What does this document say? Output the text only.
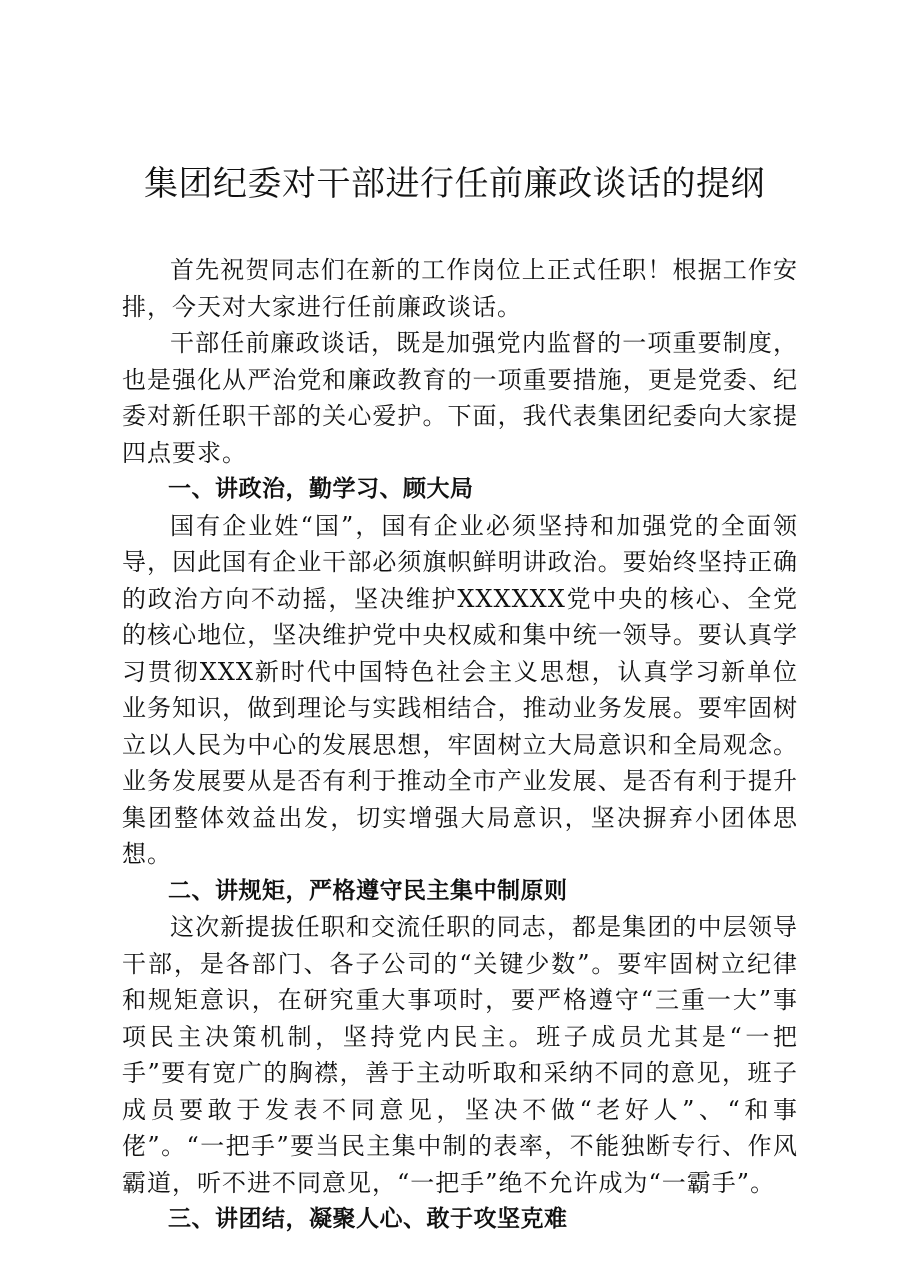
集团纪委对干部进行任前廉政谈话的提纲

首先祝贺同志们在新的工作岗位上正式任职！根据工作安排，今天对大家进行任前廉政谈话。

干部任前廉政谈话，既是加强党内监督的一项重要制度，也是强化从严治党和廉政教育的一项重要措施，更是党委、纪委对新任职干部的关心爱护。下面，我代表集团纪委向大家提四点要求。

一、讲政治，勤学习、顾大局

国有企业姓“国”，国有企业必须坚持和加强党的全面领导，因此国有企业干部必须旗帜鲜明讲政治。要始终坚持正确的政治方向不动摇，坚决维护XXXXXX党中央的核心、全党的核心地位，坚决维护党中央权威和集中统一领导。要认真学习贯彻XXX新时代中国特色社会主义思想，认真学习新单位业务知识，做到理论与实践相结合，推动业务发展。要牢固树立以人民为中心的发展思想，牢固树立大局意识和全局观念。业务发展要从是否有利于推动全市产业发展、是否有利于提升集团整体效益出发，切实增强大局意识，坚决摒弃小团体思想。

二、讲规矩，严格遵守民主集中制原则

这次新提拔任职和交流任职的同志，都是集团的中层领导干部，是各部门、各子公司的“关键少数”。要牢固树立纪律和规矩意识，在研究重大事项时，要严格遵守“三重一大”事项民主决策机制，坚持党内民主。班子成员尤其是“一把手”要有宽广的胸襟，善于主动听取和采纳不同的意见，班子成员要敢于发表不同意见，坚决不做“老好人”、“和事佬”。“一把手”要当民主集中制的表率，不能独断专行、作风霸道，听不进不同意见，“一把手”绝不允许成为“一霸手”。

三、讲团结，凝聚人心、敢于攻坚克难
